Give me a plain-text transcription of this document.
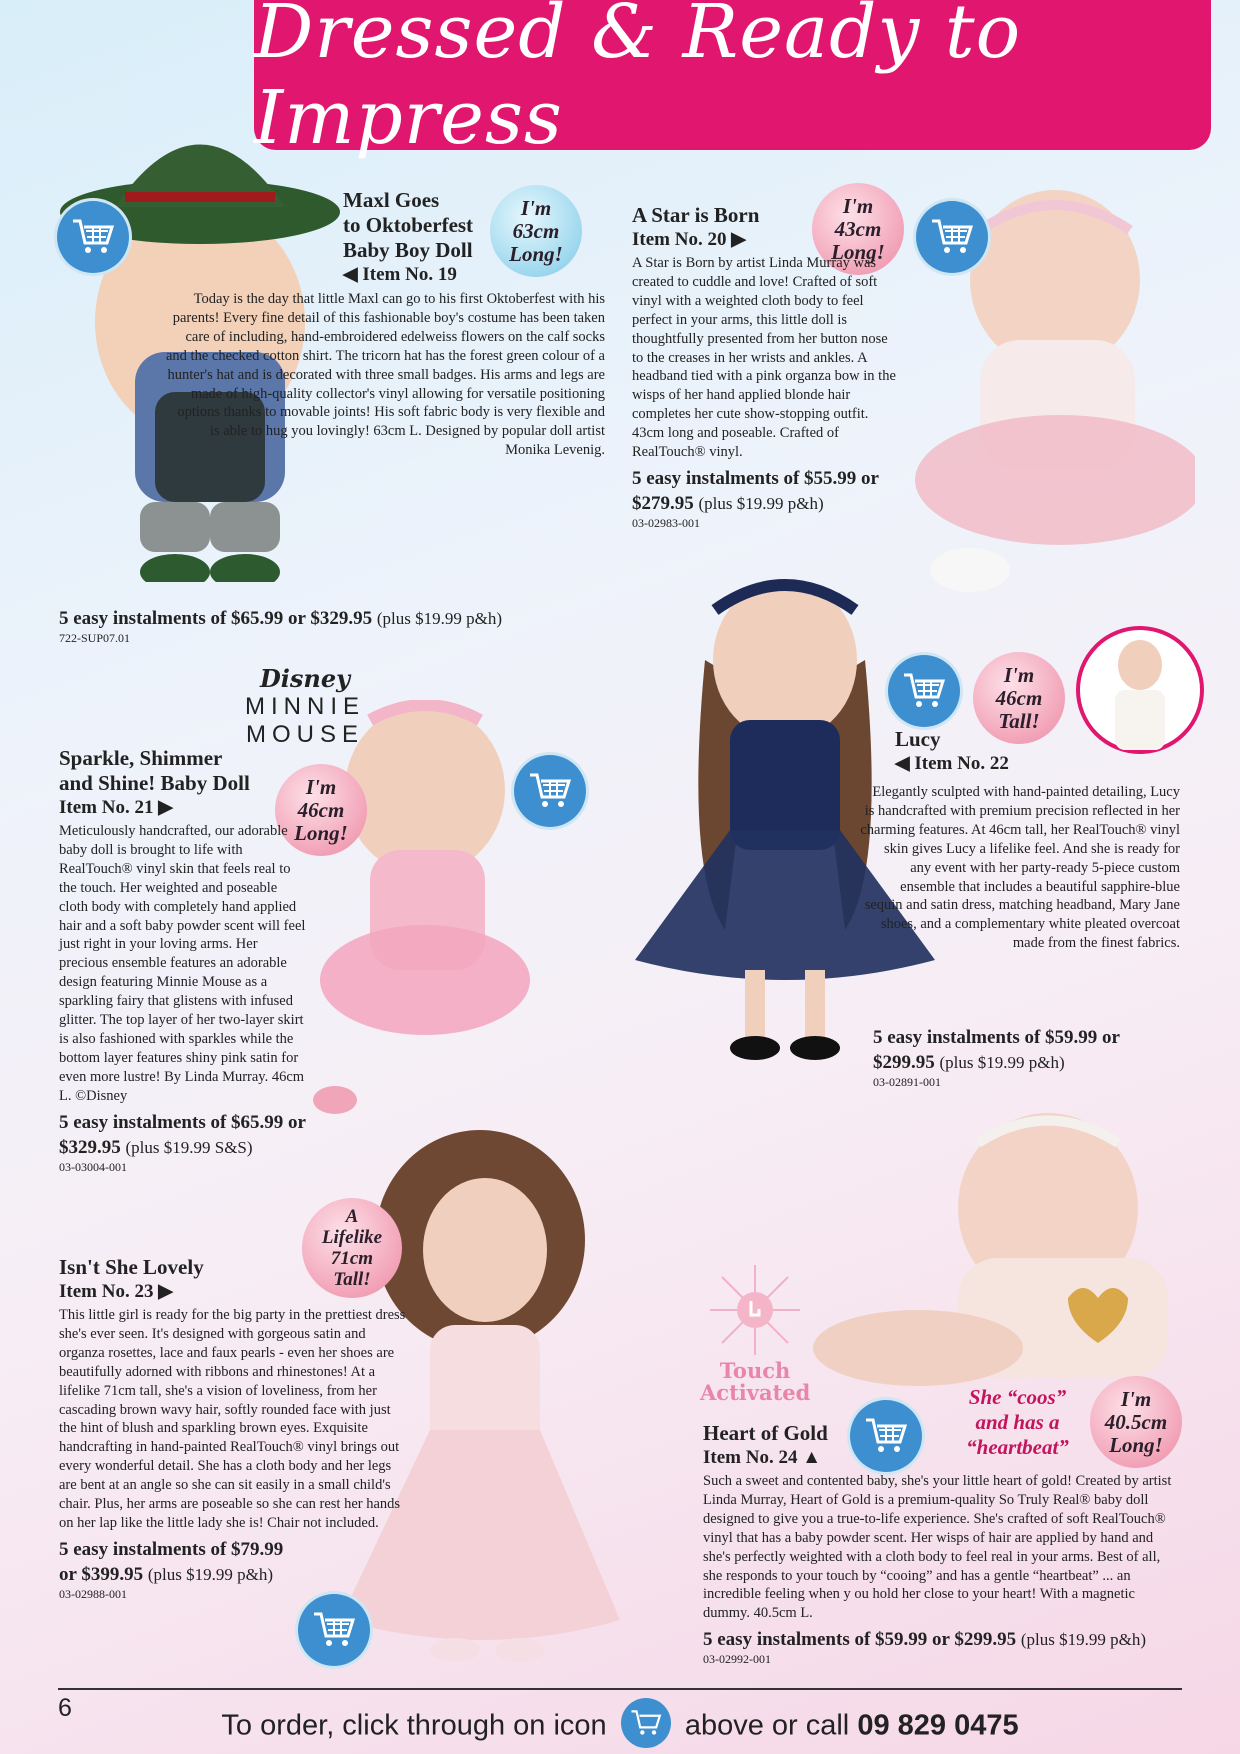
Dressed & Ready to Impress
I'm
63cm
Long!

Maxl Goes
to Oktoberfest
Baby Boy Doll

◀ Item No. 19

Today is the day that little Maxl can go to his first Oktoberfest with his parents! Every fine detail of this fashionable boy's costume has been taken care of including, hand-embroidered edelweiss flowers on the calf socks and the checked cotton shirt. The tricorn hat has the forest green colour of a hunter's hat and is decorated with three small badges. His arms and legs are made of high-quality collector's vinyl allowing for versatile positioning options thanks to movable joints! His soft fabric body is very flexible and is able to hug you lovingly! 63cm L. Designed by popular doll artist Monika Levenig.

5 easy instalments of $65.99 or $329.95 (plus $19.99 p&h)

722-SUP07.01

I'm
43cm
Long!

A Star is Born

Item No. 20 ▶

A Star is Born by artist Linda Murray was created to cuddle and love! Crafted of soft vinyl with a weighted cloth body to feel perfect in your arms, this little doll is thoughtfully presented from her button nose to the creases in her wrists and ankles. A headband tied with a pink organza bow in the wisps of her hand applied blonde hair completes her cute show-stopping outfit. 43cm long and poseable. Crafted of RealTouch® vinyl.

5 easy instalments of $55.99 or $279.95 (plus $19.99 p&h)

03-02983-001

Disney
MINNIE MOUSE
I'm
46cm
Long!

Sparkle, Shimmer
and Shine! Baby Doll

Item No. 21 ▶

Meticulously handcrafted, our adorable baby doll is brought to life with RealTouch® vinyl skin that feels real to the touch. Her weighted and poseable cloth body with completely hand applied hair and a soft baby powder scent will feel just right in your loving arms. Her precious ensemble features an adorable design featuring Minnie Mouse as a sparkling fairy that glistens with infused glitter. The top layer of her two-layer skirt is also fashioned with sparkles while the bottom layer features shiny pink satin for even more lustre! By Linda Murray. 46cm L. ©Disney

5 easy instalments of $65.99 or $329.95 (plus $19.99 S&S)

03-03004-001

I'm
46cm
Tall!

Lucy

◀ Item No. 22

Elegantly sculpted with hand-painted detailing, Lucy is handcrafted with premium precision reflected in her charming features. At 46cm tall, her RealTouch® vinyl skin gives Lucy a lifelike feel. And she is ready for any event with her party-ready 5-piece custom ensemble that includes a beautiful sapphire-blue sequin and satin dress, matching headband, Mary Jane shoes, and a complementary white pleated overcoat made from the finest fabrics.

5 easy instalments of $59.99 or $299.95 (plus $19.99 p&h)

03-02891-001

A
Lifelike
71cm
Tall!

Isn't She Lovely

Item No. 23 ▶

This little girl is ready for the big party in the prettiest dress she's ever seen. It's designed with gorgeous satin and organza rosettes, lace and faux pearls - even her shoes are beautifully adorned with ribbons and rhinestones! At a lifelike 71cm tall, she's a vision of loveliness, from her cascading brown wavy hair, softly rounded face with just the hint of blush and sparkling brown eyes. Exquisite handcrafting in hand-painted RealTouch® vinyl brings out every wonderful detail. She has a cloth body and her legs are bent at an angle so she can sit easily in a small child's chair. Plus, her arms are poseable so she can rest her hands on her lap like the little lady she is! Chair not included.

5 easy instalments of $79.99 or $399.95 (plus $19.99 p&h)

03-02988-001

Touch Activated	She “coos” and has a “heartbeat”
I'm
40.5cm
Long!

Heart of Gold

Item No. 24 ▲

Such a sweet and contented baby, she's your little heart of gold! Created by artist Linda Murray, Heart of Gold is a premium-quality So Truly Real® baby doll designed to give you a true-to-life experience. She's crafted of soft RealTouch® vinyl that has a baby powder scent. Her wisps of hair are applied by hand and she's perfectly weighted with a cloth body to feel real in your arms. Best of all, she responds to your touch by “cooing” and has a gentle “heartbeat” ... an incredible feeling when y ou hold her close to your heart! With a magnetic dummy. 40.5cm L.

5 easy instalments of $59.99 or $299.95 (plus $19.99 p&h)

03-02992-001

6
To order, click through on icon	above or call 09 829 0475
